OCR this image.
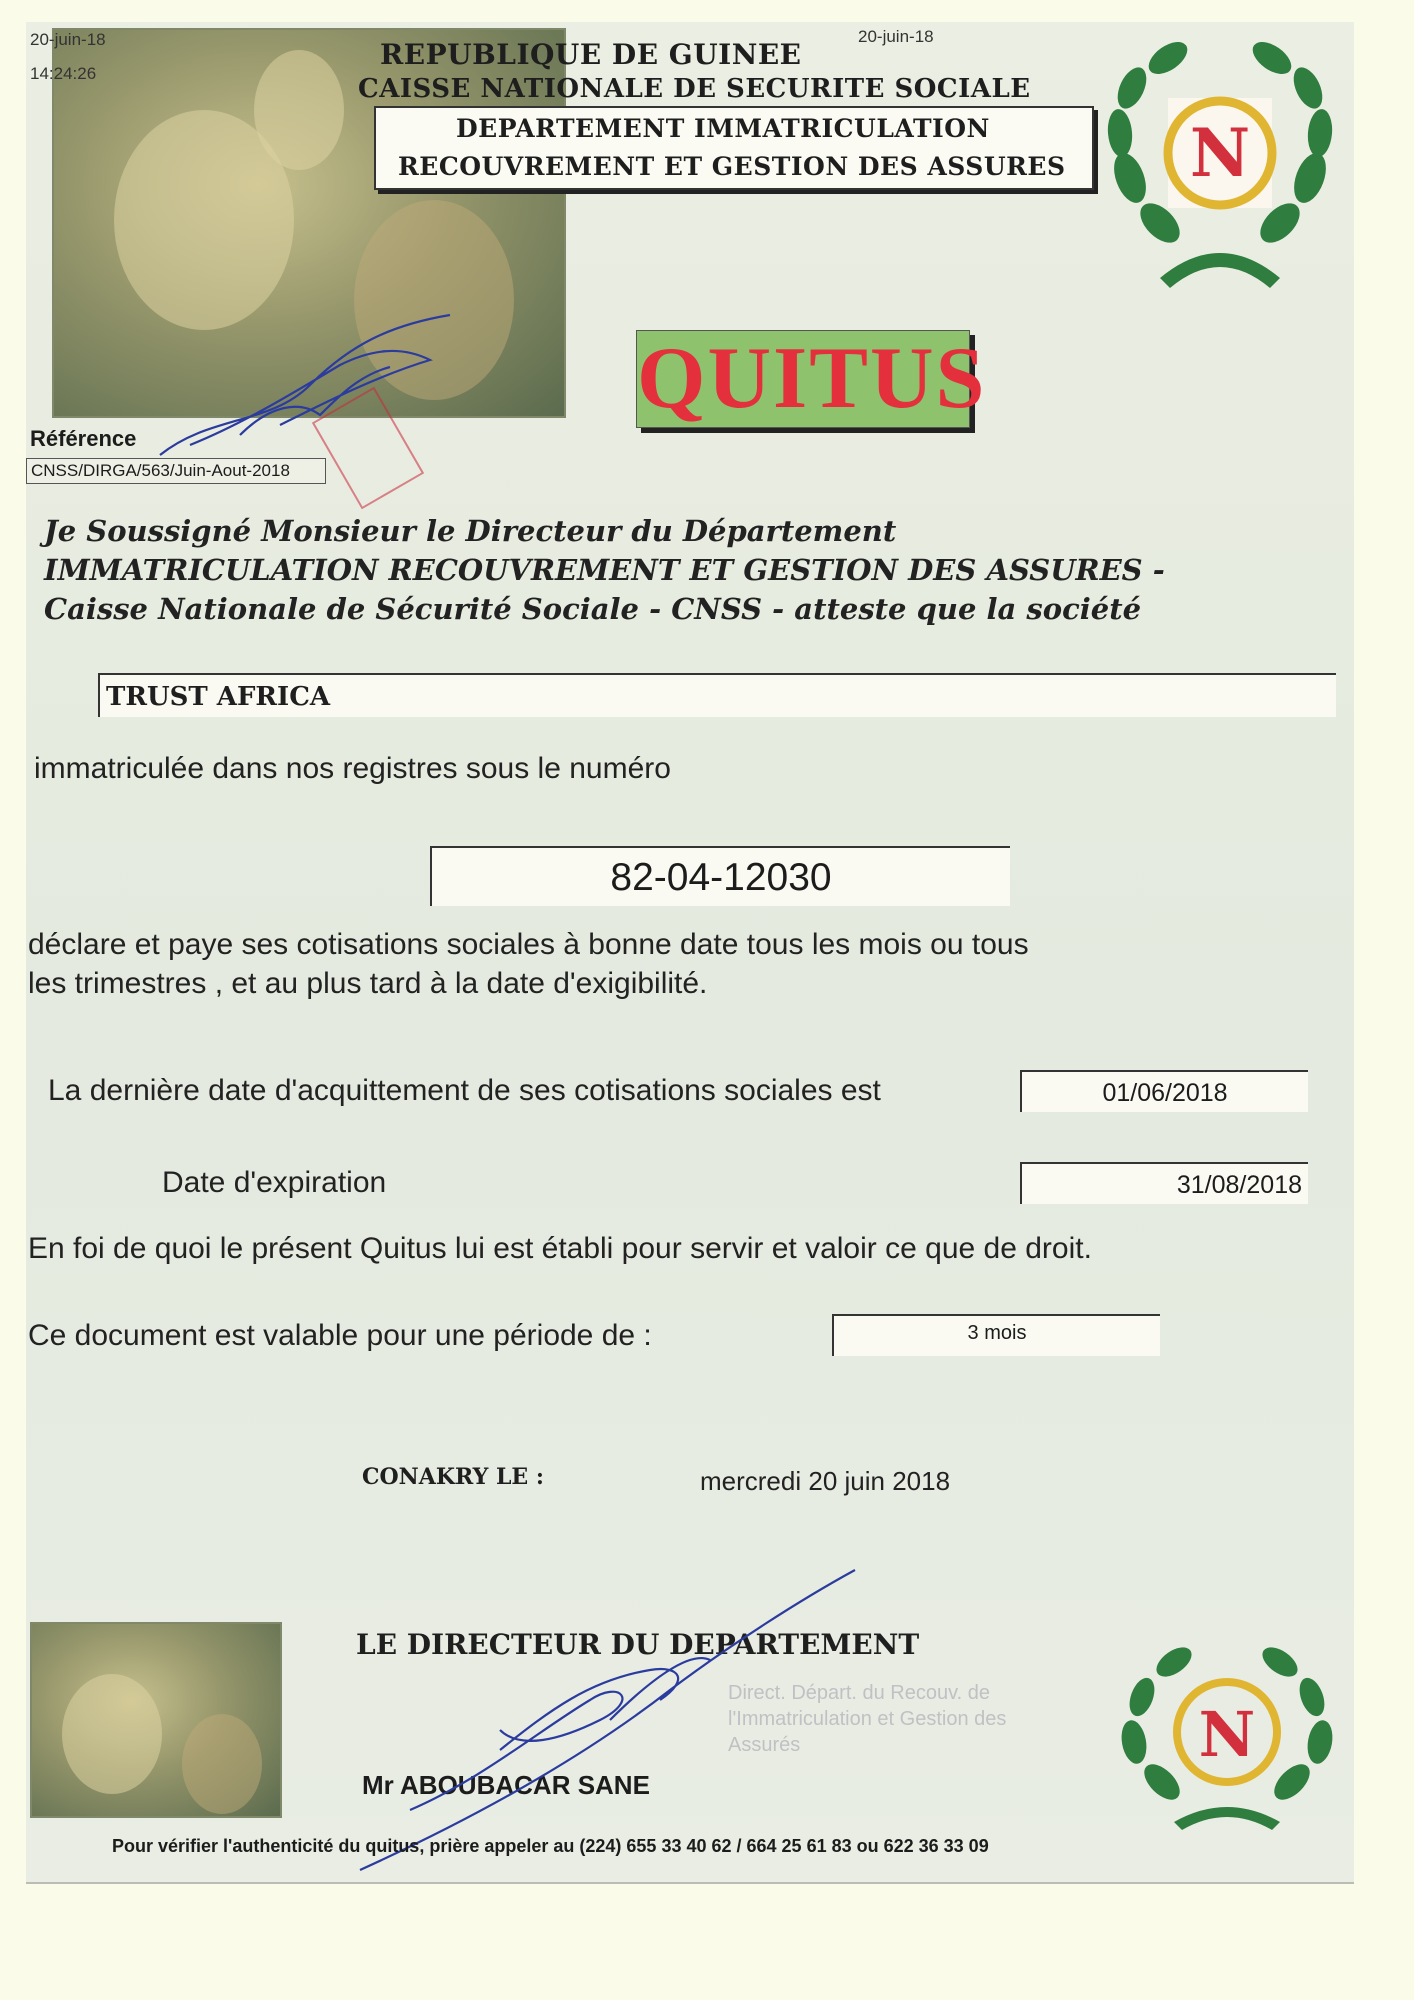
20-juin-18
14:24:26
20-juin-18
REPUBLIQUE DE GUINEE
CAISSE NATIONALE DE SECURITE SOCIALE
DEPARTEMENT IMMATRICULATION
RECOUVREMENT ET GESTION DES ASSURES N
QUITUS
Référence
CNSS/DIRGA/563/Juin-Aout-2018
Je Soussigné Monsieur le Directeur du Département
IMMATRICULATION RECOUVREMENT ET GESTION DES ASSURES -
Caisse Nationale de Sécurité Sociale - CNSS - atteste que la société
TRUST AFRICA
immatriculée dans nos registres sous le numéro
82-04-12030
déclare et paye ses cotisations sociales à bonne date tous les mois ou tous
les trimestres , et au plus tard à la date d'exigibilité.
La dernière date d'acquittement de ses cotisations sociales est	01/06/2018
Date d'expiration	31/08/2018
En foi de quoi le présent Quitus lui est établi pour servir et valoir ce que de droit.
Ce document est valable pour une période de :	3 mois
CONAKRY LE :	mercredi 20 juin 2018
LE DIRECTEUR DU DEPARTEMENT
Direct. Départ. du Recouv. de l'Immatriculation et Gestion des Assurés
Mr ABOUBACAR SANE
N
Pour vérifier l'authenticité du quitus, prière appeler au (224) 655 33 40 62 / 664 25 61 83 ou 622 36 33 09
